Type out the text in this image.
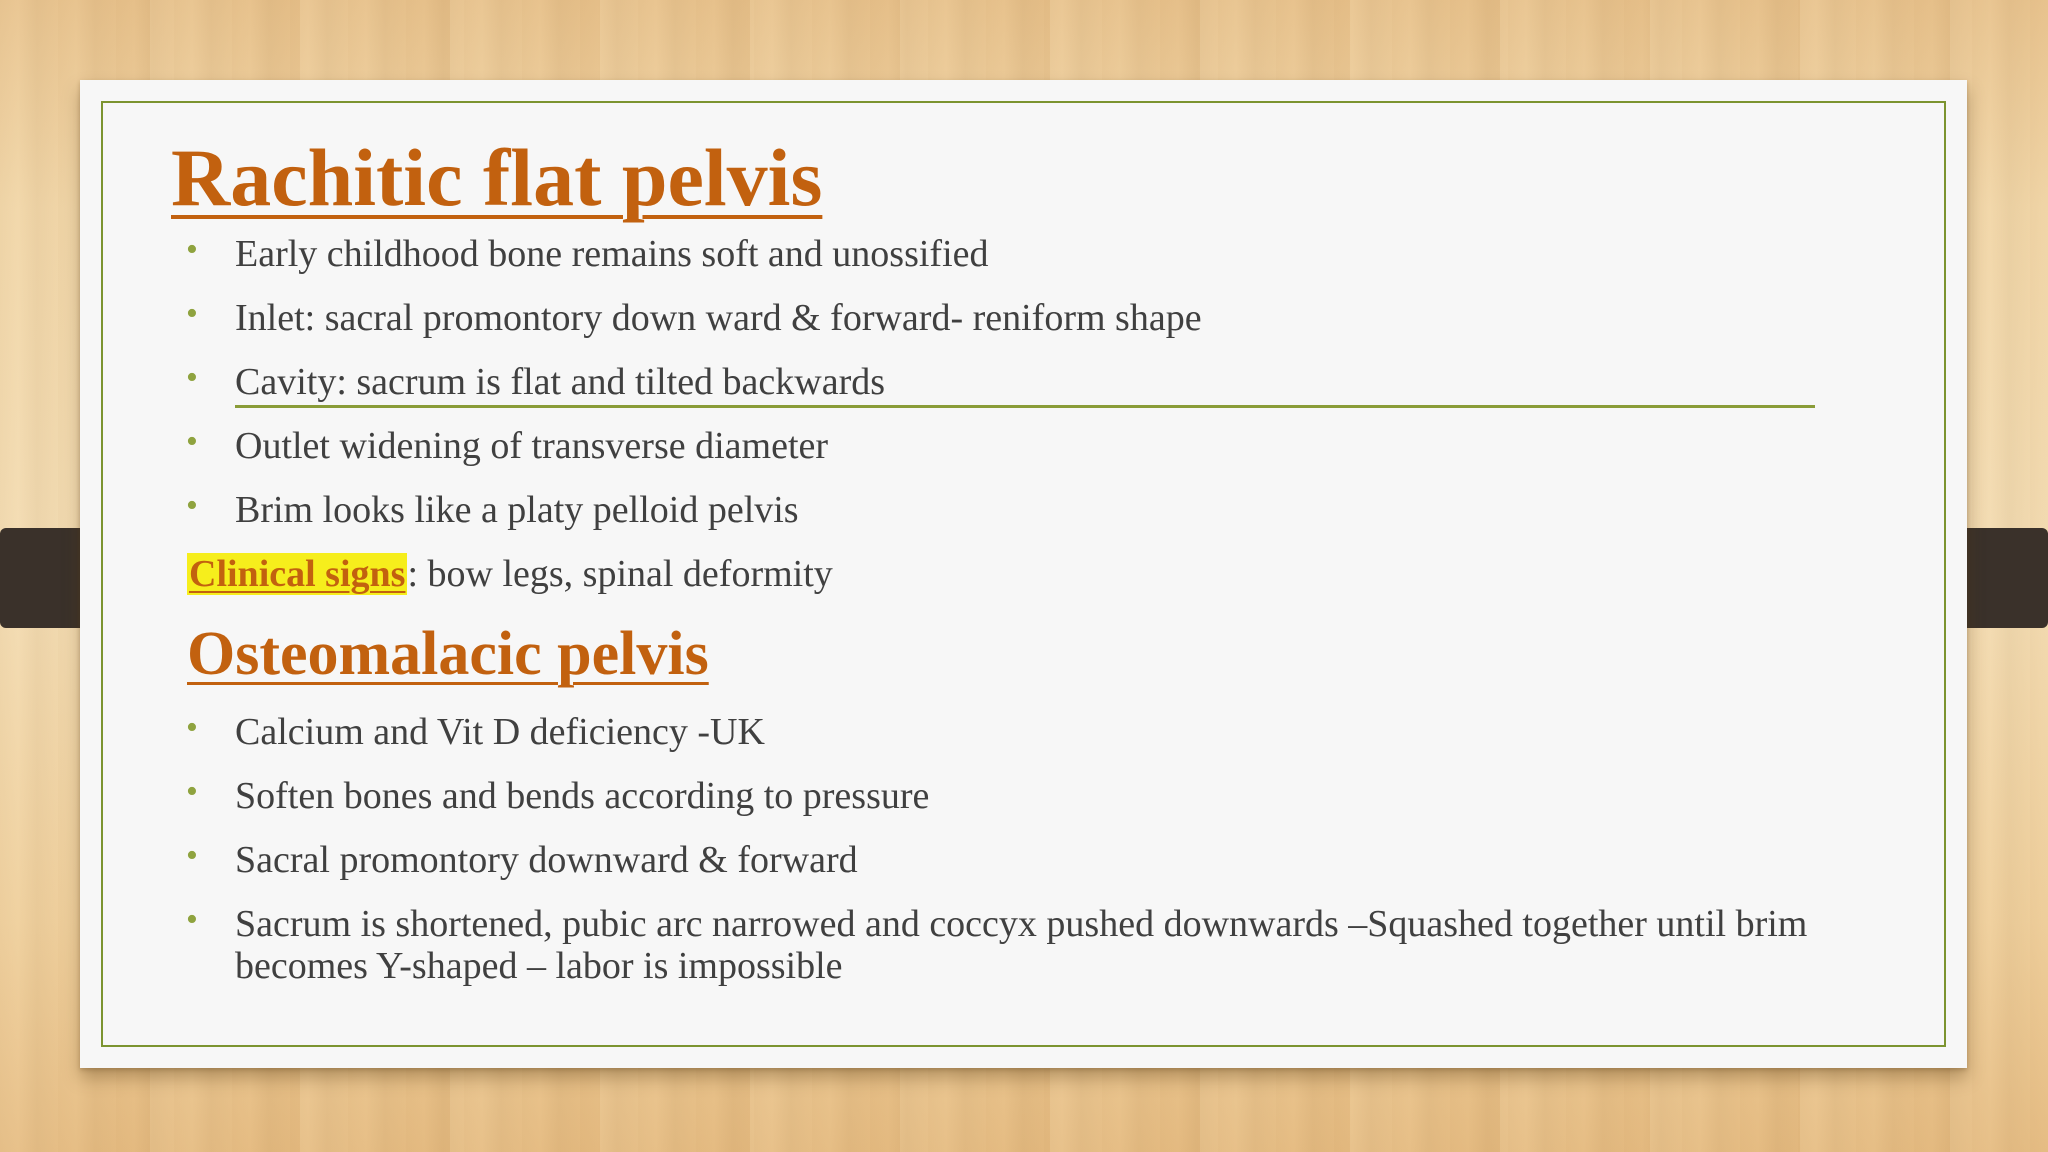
Rachitic flat pelvis
• Early childhood bone remains soft and unossified
• Inlet: sacral promontory down ward & forward- reniform shape
• Cavity: sacrum is flat and tilted backwards
• Outlet widening of transverse diameter
• Brim looks like a platy pelloid pelvis
Clinical signs: bow legs, spinal deformity
Osteomalacic pelvis
• Calcium and Vit D deficiency -UK
• Soften bones and bends according to pressure
• Sacral promontory downward & forward
• Sacrum is shortened, pubic arc narrowed and coccyx pushed downwards –Squashed together until brim becomes Y-shaped – labor is impossible
